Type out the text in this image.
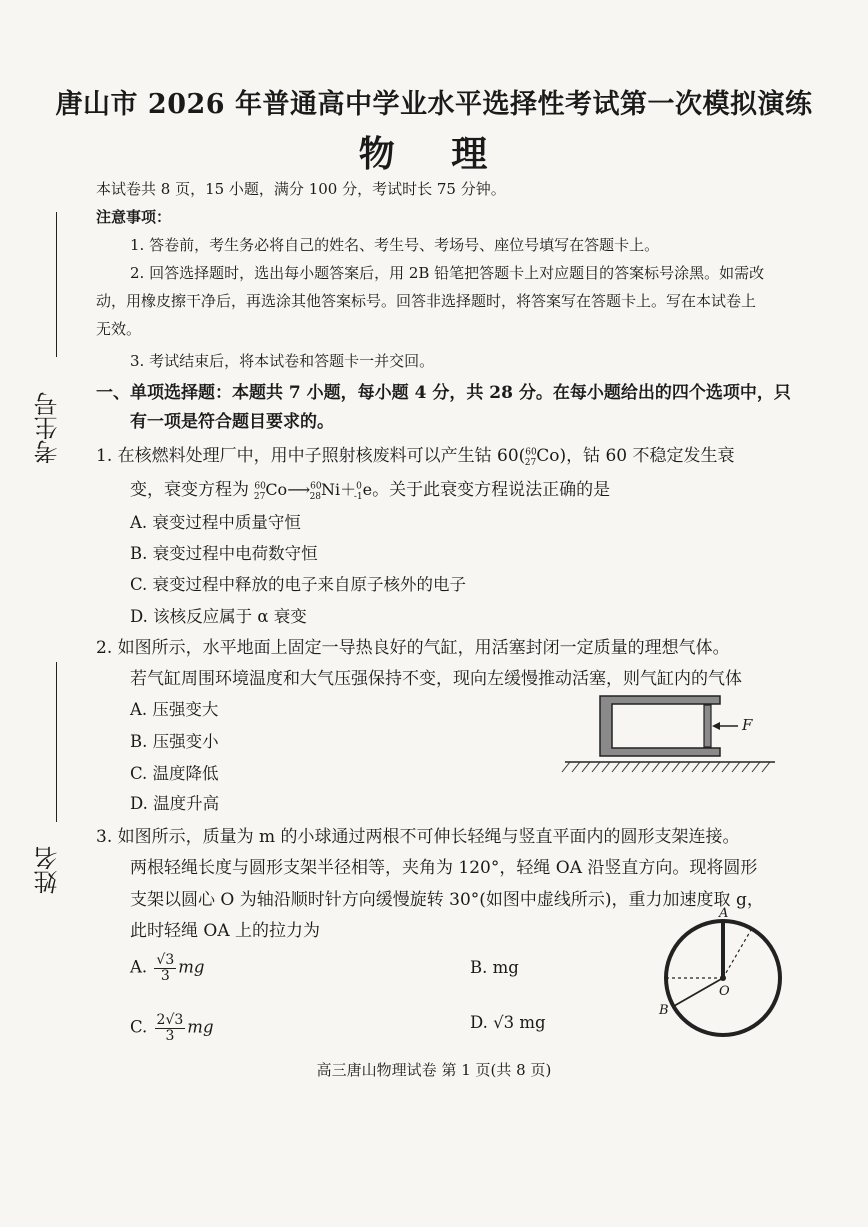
考生号
姓名
唐山市 2026 年普通高中学业水平选择性考试第一次模拟演练
物 理
本试卷共 8 页，15 小题，满分 100 分，考试时长 75 分钟。
注意事项：
1. 答卷前，考生务必将自己的姓名、考生号、考场号、座位号填写在答题卡上。
2. 回答选择题时，选出每小题答案后，用 2B 铅笔把答题卡上对应题目的答案标号涂黑。如需改
动，用橡皮擦干净后，再选涂其他答案标号。回答非选择题时，将答案写在答题卡上。写在本试卷上
无效。
3. 考试结束后，将本试卷和答题卡一并交回。
一、单项选择题：本题共 7 小题，每小题 4 分，共 28 分。在每小题给出的四个选项中，只
有一项是符合题目要求的。
1. 在核燃料处理厂中，用中子照射核废料可以产生钴 60($^{60}_{27}$Co)，钴 60 不稳定发生衰
变，衰变方程为 $^{60}_{27}$Co⟶$^{60}_{28}$Ni＋$^0_{-1}$e。关于此衰变方程说法正确的是
A. 衰变过程中质量守恒
B. 衰变过程中电荷数守恒
C. 衰变过程中释放的电子来自原子核外的电子
D. 该核反应属于 α 衰变
2. 如图所示，水平地面上固定一导热良好的气缸，用活塞封闭一定质量的理想气体。
若气缸周围环境温度和大气压强保持不变，现向左缓慢推动活塞，则气缸内的气体
A. 压强变大
B. 压强变小
C. 温度降低
D. 温度升高
F
3. 如图所示，质量为 m 的小球通过两根不可伸长轻绳与竖直平面内的圆形支架连接。
两根轻绳长度与圆形支架半径相等，夹角为 120°，轻绳 OA 沿竖直方向。现将圆形
支架以圆心 O 为轴沿顺时针方向缓慢旋转 30°(如图中虚线所示)，重力加速度取 g，
此时轻绳 OA 上的拉力为
A. $\frac{√3}{3}$ mg	B. mg
C. $\frac{2√3}{3}$ mg	D. √3 mg
A
B
O
高三唐山物理试卷 第 1 页(共 8 页)
